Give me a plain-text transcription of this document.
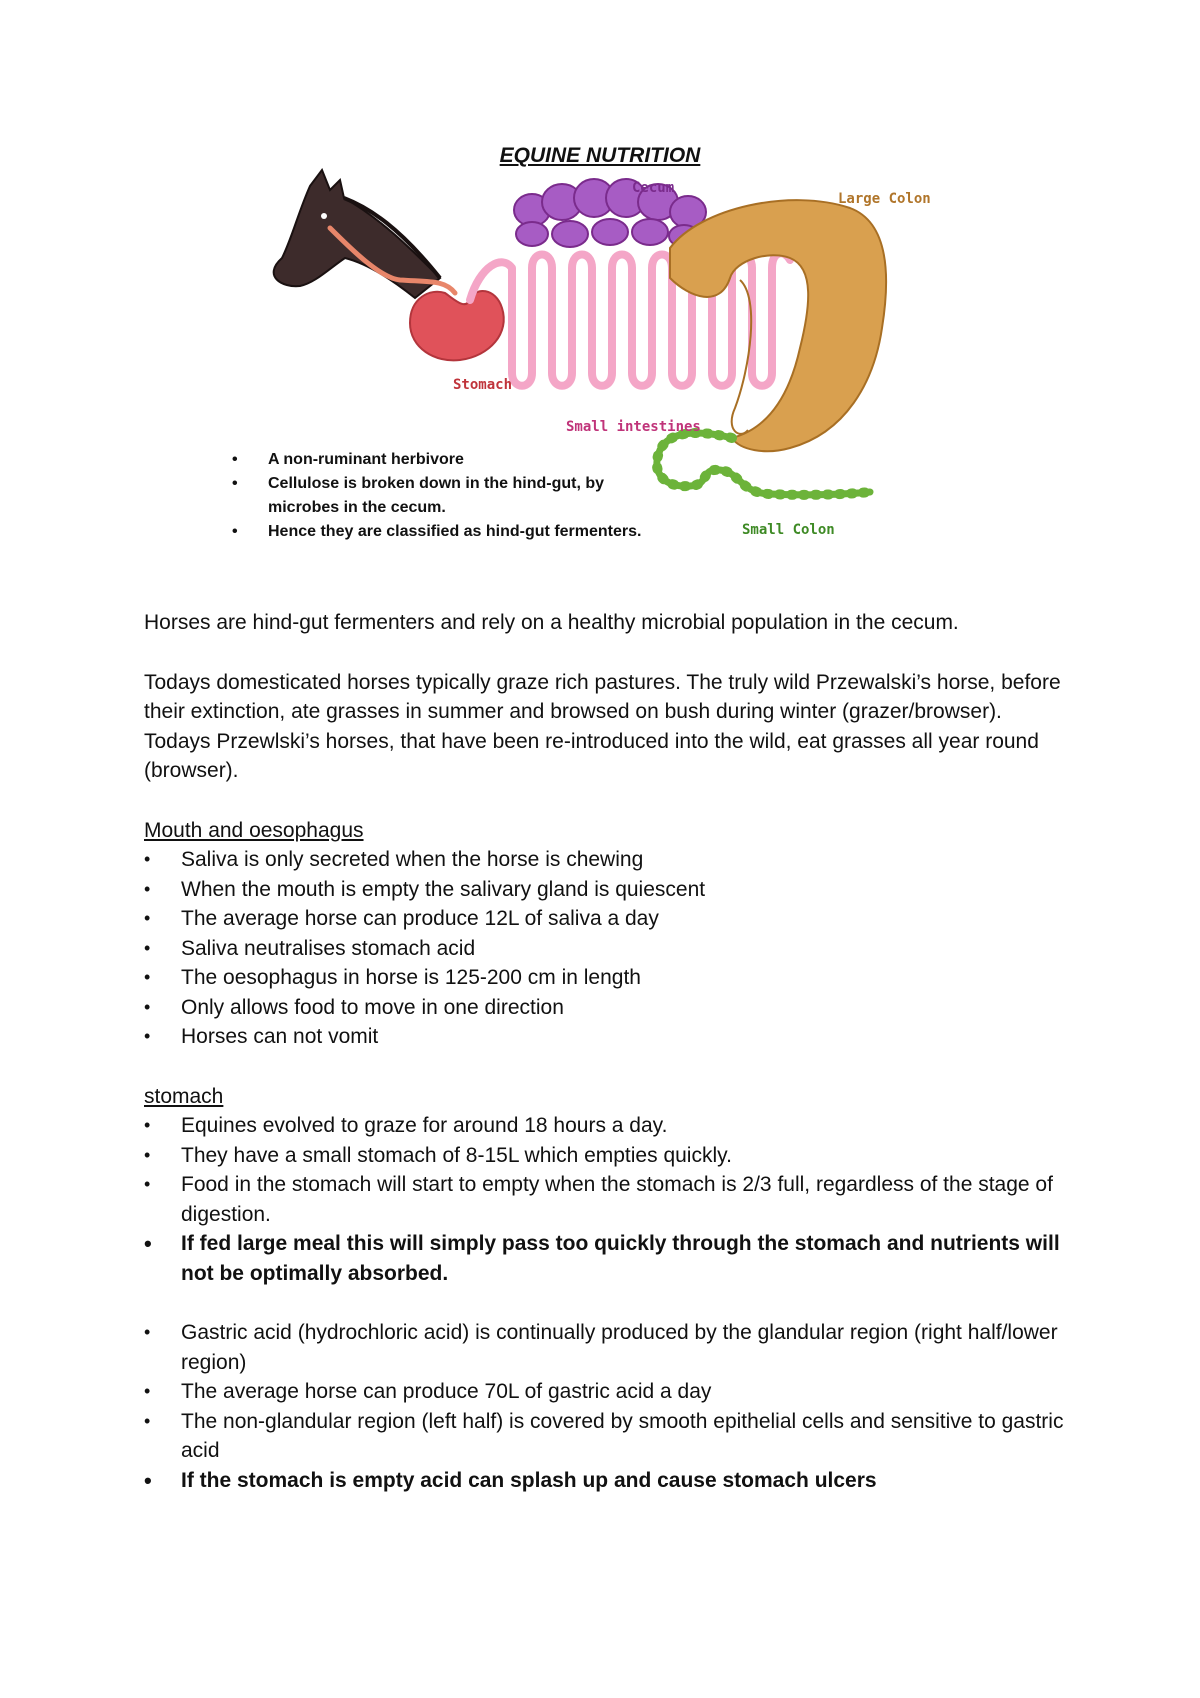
EQUINE NUTRITION
Cecum
Large Colon
Stomach
Small intestines
Small Colon
• A non-ruminant herbivore
• Cellulose is broken down in the hind-gut, by microbes in the cecum.
• Hence they are classified as hind-gut fermenters.

Horses are hind-gut fermenters and rely on a healthy microbial population in the cecum.

Todays domesticated horses typically graze rich pastures. The truly wild Przewalski’s horse, before their extinction, ate grasses in summer and browsed on bush during winter (grazer/browser). Todays Przewlski’s horses, that have been re-introduced into the wild, eat grasses all year round (browser).

Mouth and oesophagus

• Saliva is only secreted when the horse is chewing
• When the mouth is empty the salivary gland is quiescent
• The average horse can produce 12L of saliva a day
• Saliva neutralises stomach acid
• The oesophagus in horse is 125-200 cm in length
• Only allows food to move in one direction
• Horses can not vomit

stomach

• Equines evolved to graze for around 18 hours a day.
• They have a small stomach of 8-15L which empties quickly.
• Food in the stomach will start to empty when the stomach is 2/3 full, regardless of the stage of digestion.
• If fed large meal this will simply pass too quickly through the stomach and nutrients will not be optimally absorbed.
• Gastric acid (hydrochloric acid) is continually produced by the glandular region (right half/lower region)
• The average horse can produce 70L of gastric acid a day
• The non-glandular region (left half) is covered by smooth epithelial cells and sensitive to gastric acid
• If the stomach is empty acid can splash up and cause stomach ulcers
